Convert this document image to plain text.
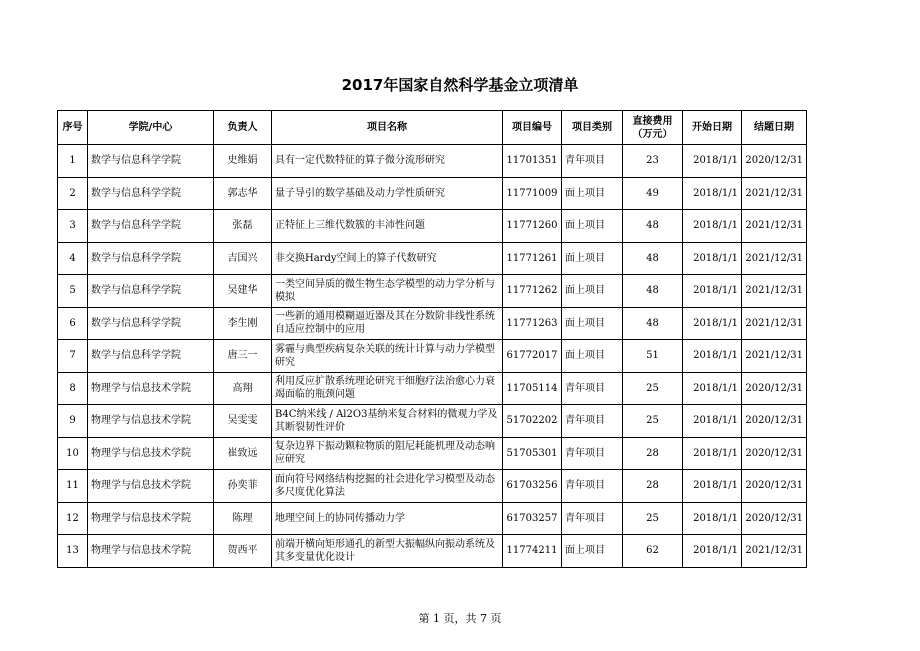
2017年国家自然科学基金立项清单
序号	学院/中心	负责人	项目名称	项目编号	项目类别	直接费用
（万元）	开始日期	结题日期
1	数学与信息科学学院	史维娟	具有一定代数特征的算子微分流形研究	11701351	青年项目	23	2018/1/1	2020/12/31
2	数学与信息科学学院	郭志华	量子导引的数学基础及动力学性质研究	11771009	面上项目	49	2018/1/1	2021/12/31
3	数学与信息科学学院	张磊	正特征上三维代数簇的丰沛性问题	11771260	面上项目	48	2018/1/1	2021/12/31
4	数学与信息科学学院	吉国兴	非交换Hardy空间上的算子代数研究	11771261	面上项目	48	2018/1/1	2021/12/31
5	数学与信息科学学院	吴建华	一类空间异质的微生物生态学模型的动力学分析与模拟	11771262	面上项目	48	2018/1/1	2021/12/31
6	数学与信息科学学院	李生刚	一些新的通用模糊逼近器及其在分数阶非线性系统自适应控制中的应用	11771263	面上项目	48	2018/1/1	2021/12/31
7	数学与信息科学学院	唐三一	雾霾与典型疾病复杂关联的统计计算与动力学模型研究	61772017	面上项目	51	2018/1/1	2021/12/31
8	物理学与信息技术学院	高翔	利用反应扩散系统理论研究干细胞疗法治愈心力衰竭面临的瓶颈问题	11705114	青年项目	25	2018/1/1	2020/12/31
9	物理学与信息技术学院	吴雯雯	B4C纳米线 / Al2O3基纳米复合材料的微观力学及其断裂韧性评价	51702202	青年项目	25	2018/1/1	2020/12/31
10	物理学与信息技术学院	崔致远	复杂边界下振动颗粒物质的阻尼耗能机理及动态响应研究	51705301	青年项目	28	2018/1/1	2020/12/31
11	物理学与信息技术学院	孙奕菲	面向符号网络结构挖掘的社会进化学习模型及动态多尺度优化算法	61703256	青年项目	28	2018/1/1	2020/12/31
12	物理学与信息技术学院	陈理	地理空间上的协同传播动力学	61703257	青年项目	25	2018/1/1	2020/12/31
13	物理学与信息技术学院	贺西平	前端开横向矩形通孔的新型大振幅纵向振动系统及其多变量优化设计	11774211	面上项目	62	2018/1/1	2021/12/31
第 1 页，共 7 页
